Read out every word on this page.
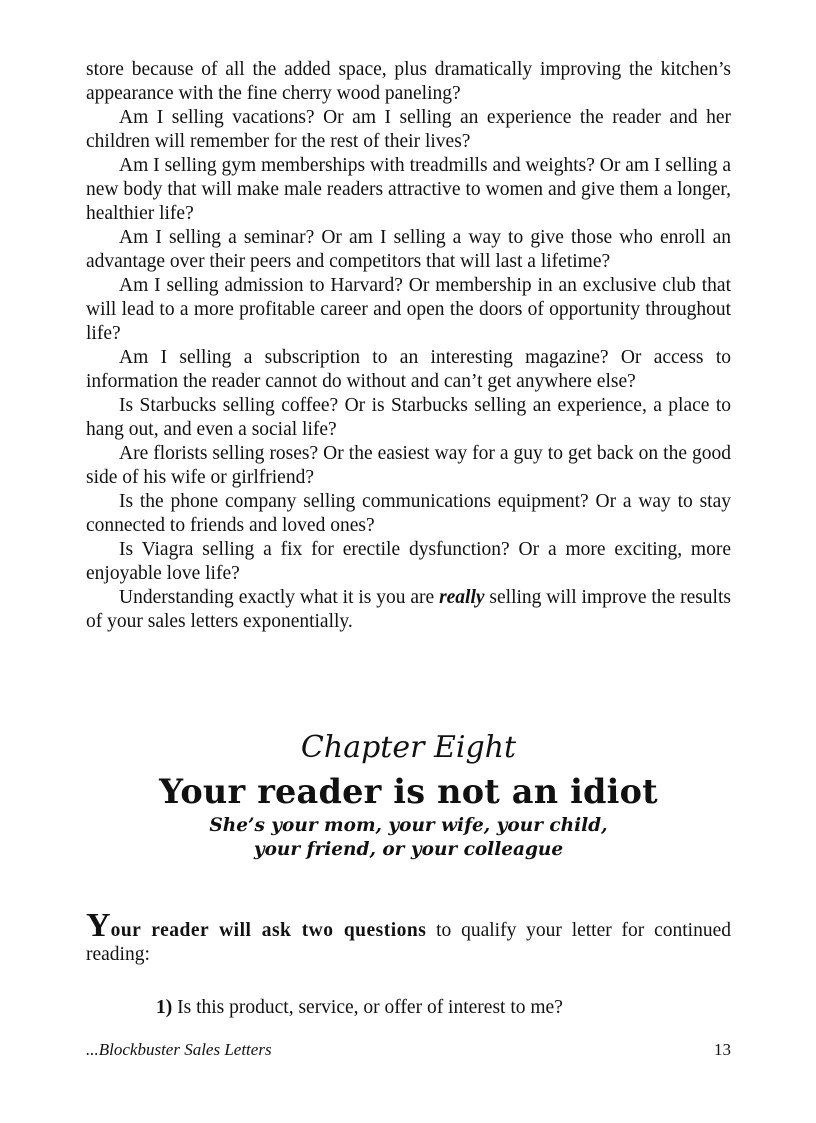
store because of all the added space, plus dramatically improving the kitchen’s appearance with the fine cherry wood paneling?

Am I selling vacations? Or am I selling an experience the reader and her children will remember for the rest of their lives?

Am I selling gym memberships with treadmills and weights? Or am I selling a new body that will make male readers attractive to women and give them a longer, healthier life?

Am I selling a seminar? Or am I selling a way to give those who enroll an advantage over their peers and competitors that will last a lifetime?

Am I selling admission to Harvard? Or membership in an exclusive club that will lead to a more profitable career and open the doors of opportunity throughout life?

Am I selling a subscription to an interesting magazine? Or access to information the reader cannot do without and can’t get anywhere else?

Is Starbucks selling coffee? Or is Starbucks selling an experience, a place to hang out, and even a social life?

Are florists selling roses? Or the easiest way for a guy to get back on the good side of his wife or girlfriend?

Is the phone company selling communications equipment? Or a way to stay connected to friends and loved ones?

Is Viagra selling a fix for erectile dysfunction? Or a more exciting, more enjoyable love life?

Understanding exactly what it is you are really selling will improve the results of your sales letters exponentially.

Chapter Eight
Your reader is not an idiot
She’s your mom, your wife, your child,
your friend, or your colleague

Your reader will ask two questions to qualify your letter for continued reading:

1) Is this product, service, or offer of interest to me?
...Blockbuster Sales Letters	13
